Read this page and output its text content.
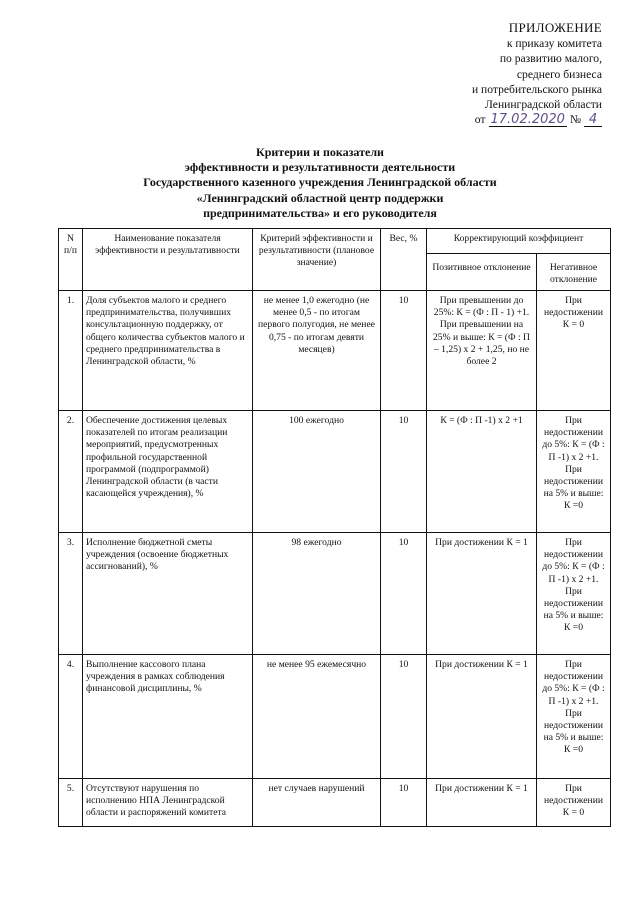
ПРИЛОЖЕНИЕ
к приказу комитета
по развитию малого,
среднего бизнеса
и потребительского рынка
Ленинградской области
от 17.02.2020 № 4
Критерии и показатели
эффективности и результативности деятельности
Государственного казенного учреждения Ленинградской области
«Ленинградский областной центр поддержки
предпринимательства» и его руководителя
N п/п	Наименование показателя эффективности и результативности	Критерий эффективности и результативности (плановое значение)	Вес, %	Корректирующий коэффициент	
				Позитивное отклонение	Негативное отклонение
1.	Доля субъектов малого и среднего предпринимательства, получивших консультационную поддержку, от общего количества субъектов малого и среднего предпринимательства в Ленинградской области, %	не менее 1,0 ежегодно (не менее 0,5 - по итогам первого полугодия, не менее 0,75 - по итогам девяти месяцев)	10	При превышении до 25%: К = (Ф : П - 1) +1. При превышении на 25% и выше: К = (Ф : П – 1,25) х 2 + 1,25, но не более 2	При недостижении К = 0
2.	Обеспечение достижения целевых показателей по итогам реализации мероприятий, предусмотренных профильной государственной программой (подпрограммой) Ленинградской области (в части касающейся учреждения), %	100 ежегодно	10	К = (Ф : П -1) х 2 +1	При недостижении до 5%: К = (Ф : П -1) х 2 +1. При недостижении на 5% и выше: К =0
3.	Исполнение бюджетной сметы учреждения (освоение бюджетных ассигнований), %	98 ежегодно	10	При достижении К = 1	При недостижении до 5%: К = (Ф : П -1) х 2 +1. При недостижении на 5% и выше: К =0
4.	Выполнение кассового плана учреждения в рамках соблюдения финансовой дисциплины, %	не менее 95 ежемесячно	10	При достижении К = 1	При недостижении до 5%: К = (Ф : П -1) х 2 +1. При недостижении на 5% и выше: К =0
5.	Отсутствуют нарушения по исполнению НПА Ленинградской области и распоряжений комитета	нет случаев нарушений	10	При достижении К = 1	При недостижении К = 0
